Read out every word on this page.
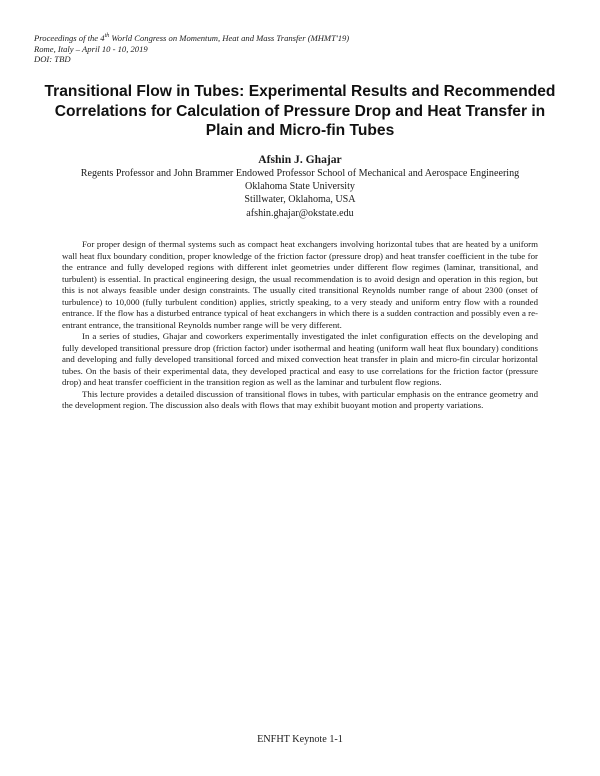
Proceedings of the 4th World Congress on Momentum, Heat and Mass Transfer (MHMT'19)
Rome, Italy – April 10 - 10, 2019
DOI: TBD
Transitional Flow in Tubes: Experimental Results and Recommended
Correlations for Calculation of Pressure Drop and Heat Transfer in
Plain and Micro-fin Tubes
Afshin J. Ghajar
Regents Professor and John Brammer Endowed Professor School of Mechanical and Aerospace Engineering
Oklahoma State University
Stillwater, Oklahoma, USA
afshin.ghajar@okstate.edu

For proper design of thermal systems such as compact heat exchangers involving horizontal tubes that are heated by a uniform wall heat flux boundary condition, proper knowledge of the friction factor (pressure drop) and heat transfer coefficient in the tube for the entrance and fully developed regions with different inlet geometries under different flow regimes (laminar, transitional, and turbulent) is essential. In practical engineering design, the usual recommendation is to avoid design and operation in this region, but this is not always feasible under design constraints. The usually cited transitional Reynolds number range of about 2300 (onset of turbulence) to 10,000 (fully turbulent condition) applies, strictly speaking, to a very steady and uniform entry flow with a rounded entrance. If the flow has a disturbed entrance typical of heat exchangers in which there is a sudden contraction and possibly even a re-entrant entrance, the transitional Reynolds number range will be very different.

In a series of studies, Ghajar and coworkers experimentally investigated the inlet configuration effects on the developing and fully developed transitional pressure drop (friction factor) under isothermal and heating (uniform wall heat flux boundary) conditions and developing and fully developed transitional forced and mixed convection heat transfer in plain and micro-fin circular horizontal tubes. On the basis of their experimental data, they developed practical and easy to use correlations for the friction factor (pressure drop) and heat transfer coefficient in the transition region as well as the laminar and turbulent flow regions.

This lecture provides a detailed discussion of transitional flows in tubes, with particular emphasis on the entrance geometry and the development region. The discussion also deals with flows that may exhibit buoyant motion and property variations.

ENFHT Keynote 1-1
